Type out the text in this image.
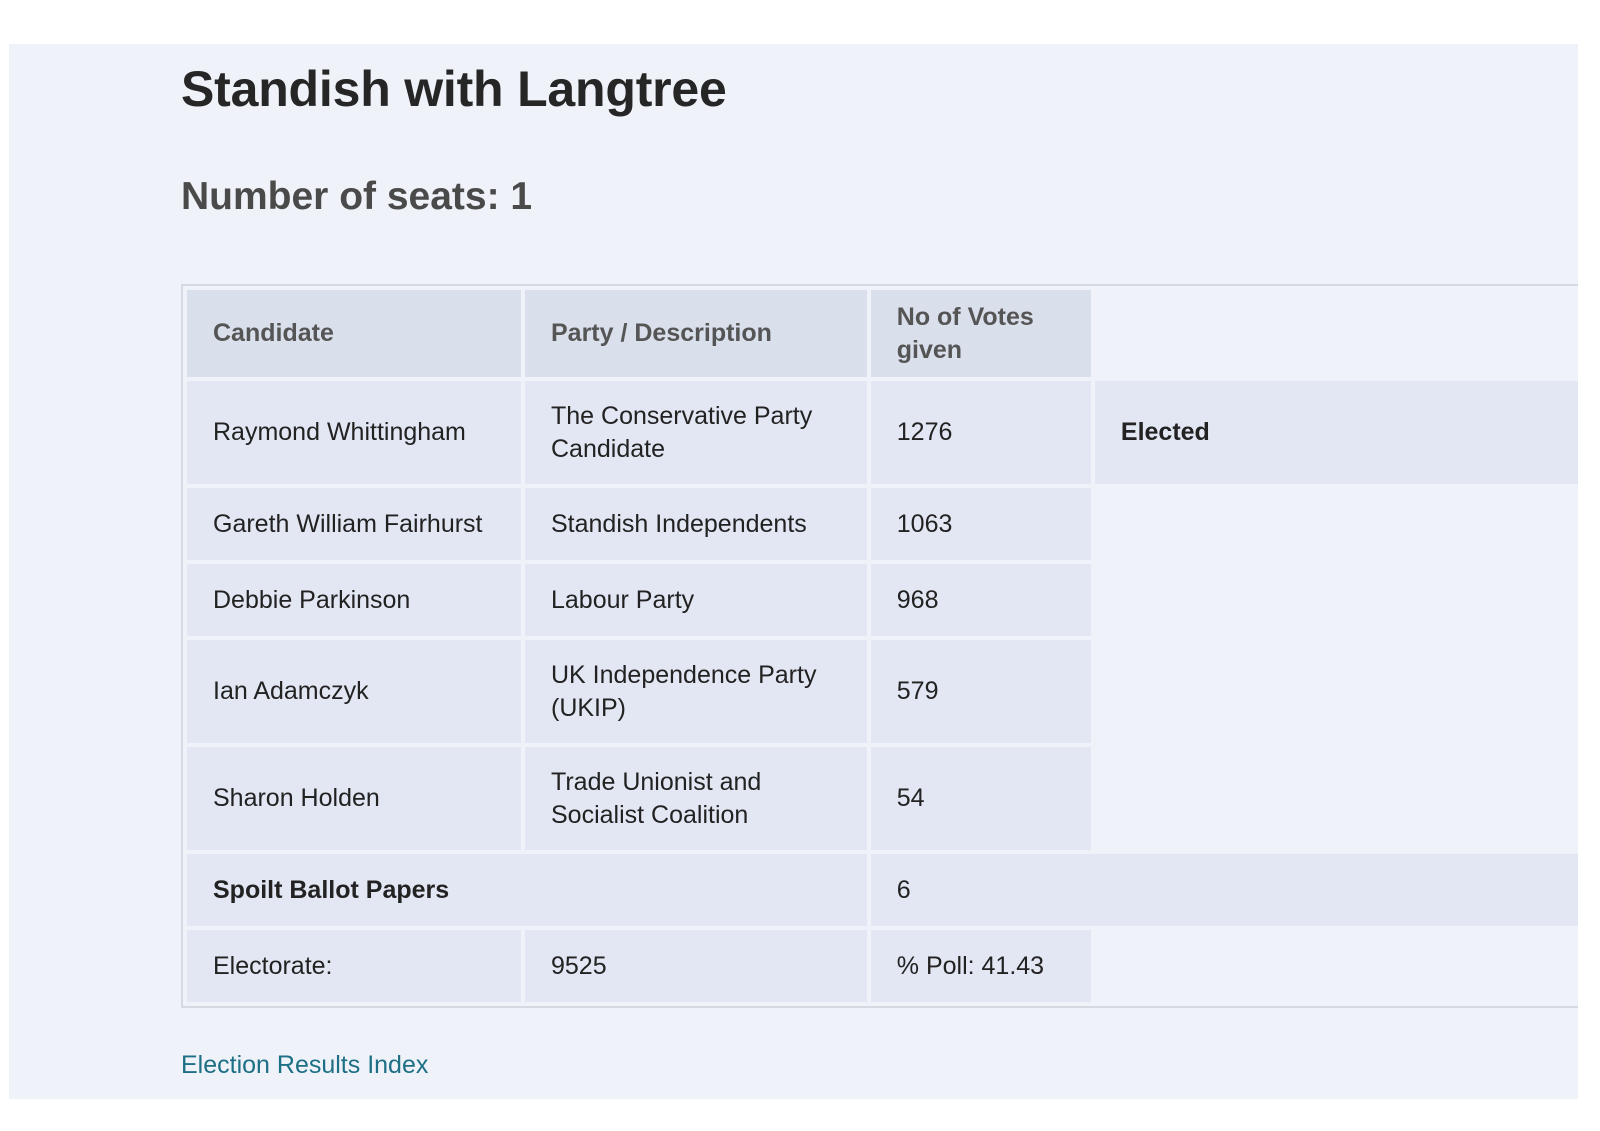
Standish with Langtree
Number of seats: 1
Candidate	Party / Description	No of Votes given	
Raymond Whittingham	The Conservative Party Candidate	1276	Elected
Gareth William Fairhurst	Standish Independents	1063	
Debbie Parkinson	Labour Party	968	
Ian Adamczyk	UK Independence Party (UKIP)	579	
Sharon Holden	Trade Unionist and Socialist Coalition	54	
Spoilt Ballot Papers		6	
Electorate:	9525	% Poll: 41.43	
Election Results Index
